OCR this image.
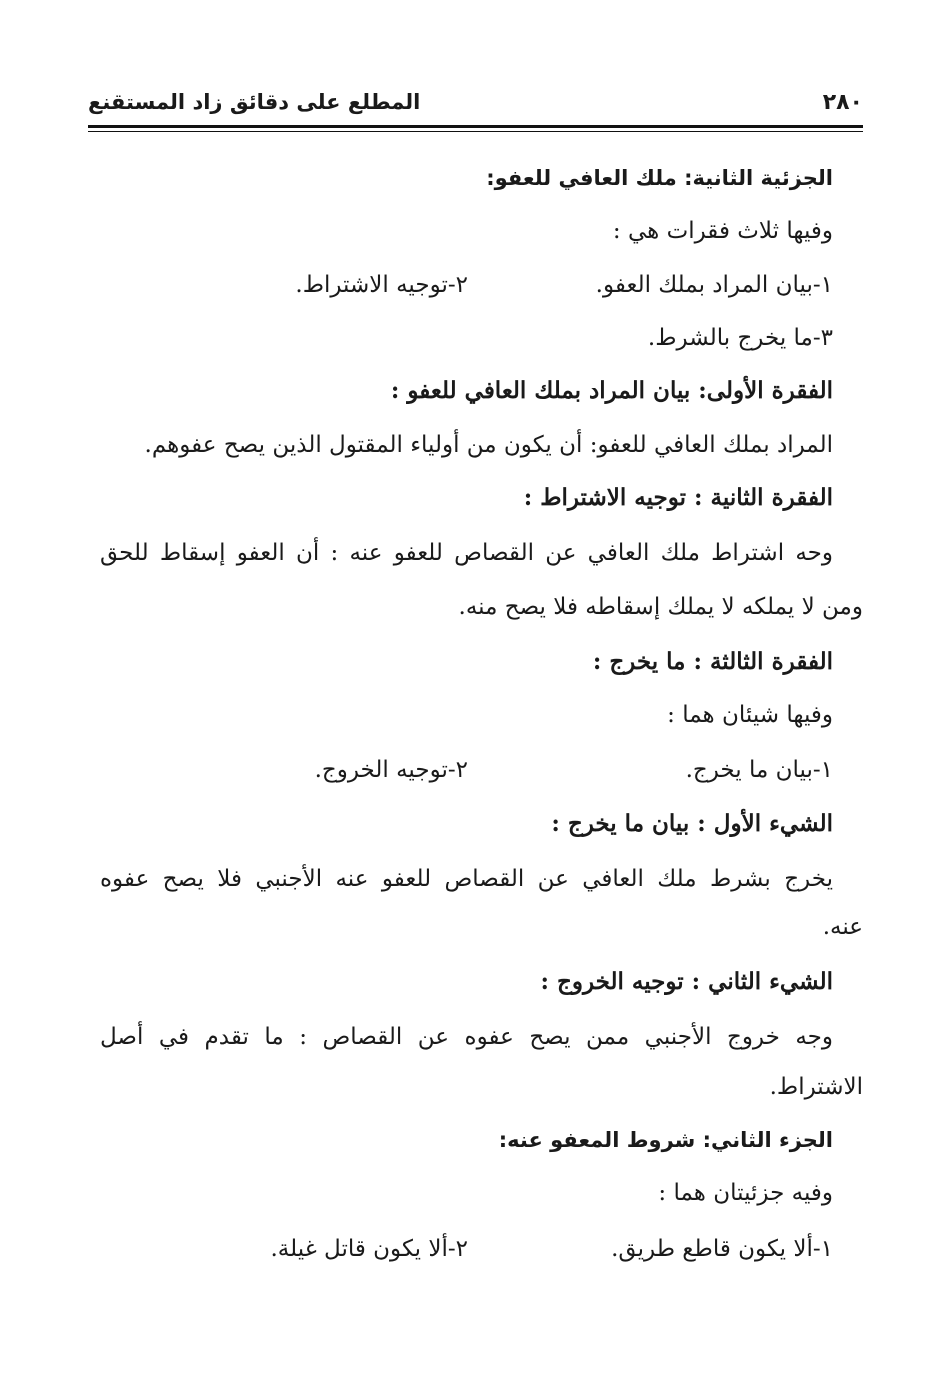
٢٨٠
المطلع على دقائق زاد المستقنع
الجزئية الثانية: ملك العافي للعفو:
وفيها ثلاث فقرات هي :
١-بيان المراد بملك العفو.
٢-توجيه الاشتراط.
٣-ما يخرج بالشرط.
الفقرة الأولى: بيان المراد بملك العافي للعفو :
المراد بملك العافي للعفو: أن يكون من أولياء المقتول الذين يصح عفوهم.
الفقرة الثانية : توجيه الاشتراط :
وحه اشتراط ملك العافي عن القصاص للعفو عنه : أن العفو إسقاط للحق
ومن لا يملكه لا يملك إسقاطه فلا يصح منه.
الفقرة الثالثة : ما يخرج :
وفيها شيئان هما :
١-بيان ما يخرج.
٢-توجيه الخروج.
الشيء الأول : بيان ما يخرج :
يخرج بشرط ملك العافي عن القصاص للعفو عنه الأجنبي فلا يصح عفوه
عنه.
الشيء الثاني : توجيه الخروج :
وجه خروج الأجنبي ممن يصح عفوه عن القصاص : ما تقدم في أصل
الاشتراط.
الجزء الثاني: شروط المعفو عنه:
وفيه جزئيتان هما :
١-ألا يكون قاطع طريق.
٢-ألا يكون قاتل غيلة.
